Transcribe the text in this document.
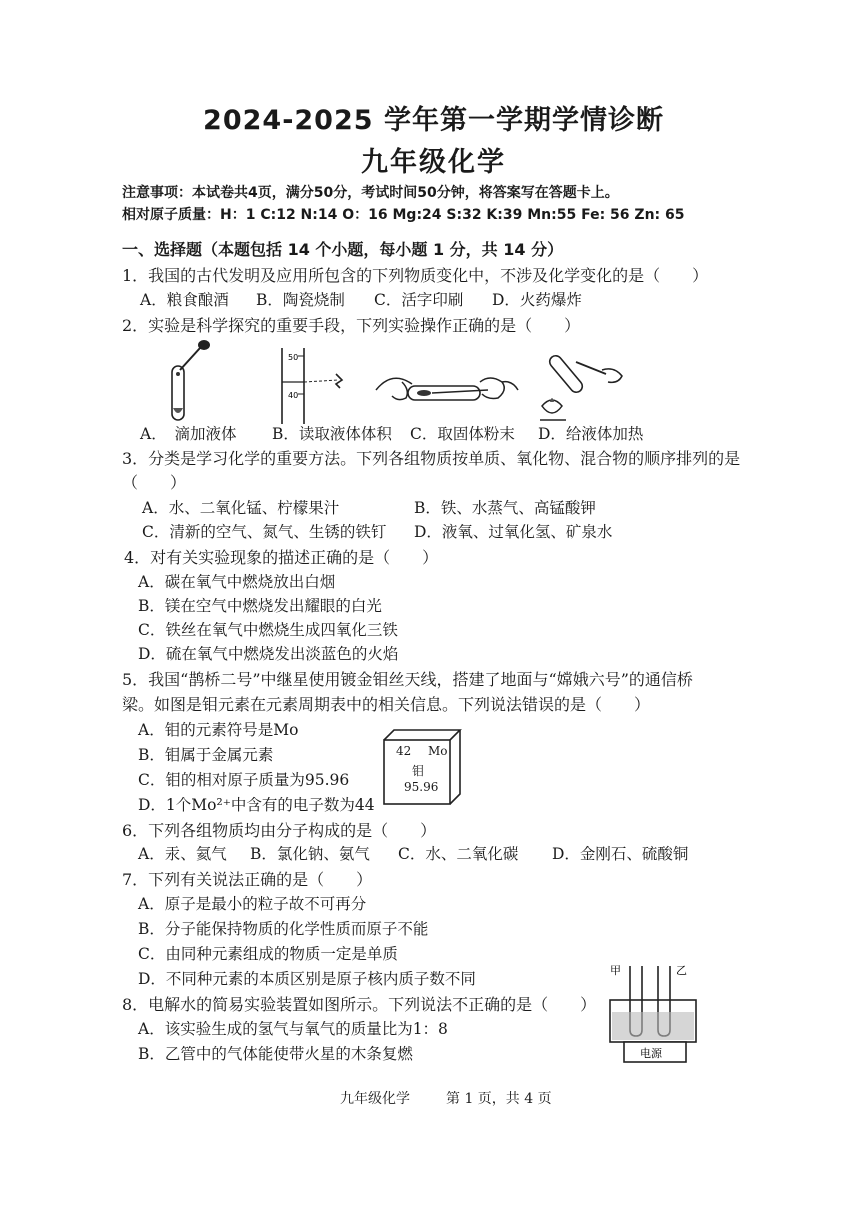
2024-2025 学年第一学期学情诊断
九年级化学
注意事项：本试卷共4页，满分50分，考试时间50分钟，将答案写在答题卡上。
相对原子质量：H：1 C:12 N:14 O：16 Mg:24 S:32 K:39 Mn:55 Fe: 56 Zn: 65
一、选择题（本题包括 14 个小题，每小题 1 分，共 14 分）
1．我国的古代发明及应用所包含的下列物质变化中，不涉及化学变化的是（　　）
A．粮食酿酒 B．陶瓷烧制 C．活字印刷 D．火药爆炸
2．实验是科学探究的重要手段，下列实验操作正确的是（　　）
50
40
A．　滴加液体 B．读取液体体积 C．取固体粉末 D．给液体加热
3．分类是学习化学的重要方法。下列各组物质按单质、氧化物、混合物的顺序排列的是
（　　）
A．水、二氧化锰、柠檬果汁	B．铁、水蒸气、高锰酸钾
C．清新的空气、氮气、生锈的铁钉 D．液氧、过氧化氢、矿泉水
4．对有关实验现象的描述正确的是（　　）
A．碳在氧气中燃烧放出白烟
B．镁在空气中燃烧发出耀眼的白光
C．铁丝在氧气中燃烧生成四氧化三铁
D．硫在氧气中燃烧发出淡蓝色的火焰
5．我国“鹊桥二号”中继星使用镀金钼丝天线，搭建了地面与“嫦娥六号”的通信桥
梁。如图是钼元素在元素周期表中的相关信息。下列说法错误的是（　　）
A．钼的元素符号是Mo
B．钼属于金属元素
C．钼的相对原子质量为95.96
D．1个Mo²⁺中含有的电子数为44
42 Mo
钼
95.96
6．下列各组物质均由分子构成的是（　　）
A．汞、氦气 B．氯化钠、氨气 C．水、二氧化碳 D．金刚石、硫酸铜
7．下列有关说法正确的是（　　）
A．原子是最小的粒子故不可再分
B．分子能保持物质的化学性质而原子不能
C．由同种元素组成的物质一定是单质
D．不同种元素的本质区别是原子核内质子数不同
8．电解水的简易实验装置如图所示。下列说法不正确的是（　　）
A．该实验生成的氢气与氧气的质量比为1：8
B．乙管中的气体能使带火星的木条复燃
甲	乙
电源
九年级化学	第 1 页，共 4 页
